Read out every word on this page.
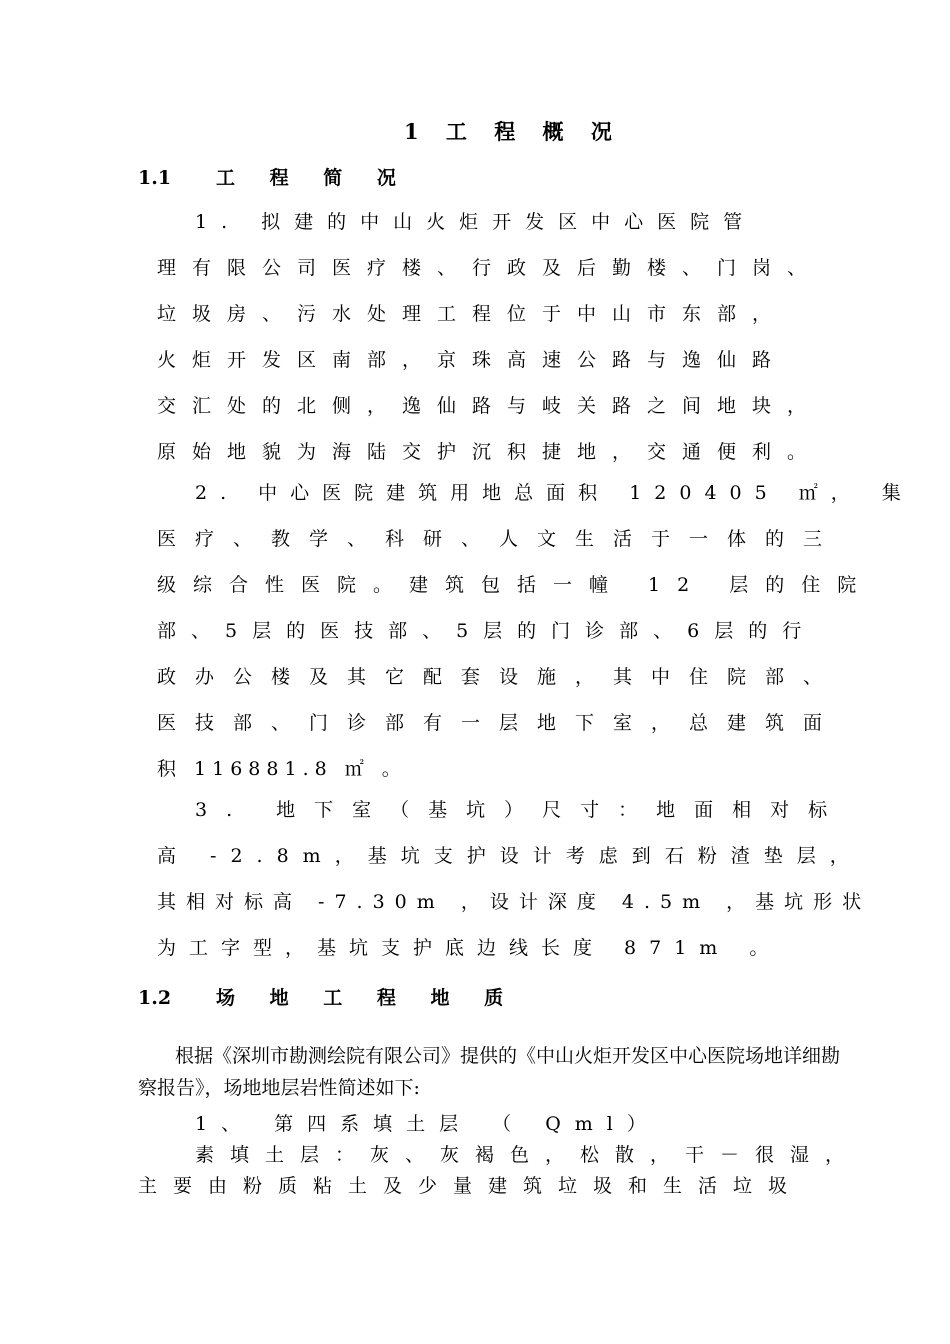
1 工 程 概 况
1.1 工 程 简 况
1. 拟建的中山火炬开发区中心医院管
理有限公司医疗楼、行政及后勤楼、门岗、
垃圾房、污水处理工程位于中山市东部，
火炬开发区南部，京珠高速公路与逸仙路
交汇处的北侧，逸仙路与岐关路之间地块，
原始地貌为海陆交护沉积捷地，交通便利。
2. 中心医院建筑用地总面积 120405 ㎡， 集
医疗、教学、科研、人文生活于一体的三
级综合性医院。建筑包括一幢 12 层的住院
部、5层的医技部、5层的门诊部、6层的行
政办公楼及其它配套设施，其中住院部、
医技部、门诊部有一层地下室，总建筑面
积 116881.8 ㎡ 。
3. 地下室（基坑）尺寸：地面相对标
高 -2.8m，基坑支护设计考虑到石粉渣垫层，
其相对标高 -7.30m ，设计深度 4.5m ，基坑形状
为工字型，基坑支护底边线长度 871m 。
1.2 场 地 工 程 地 质
根据《深圳市勘测绘院有限公司》提供的《中山火炬开发区中心医院场地详细勘
察报告》，场地地层岩性简述如下:
1、 第四系填土层 （ Qml）
素填土层：灰、灰褐色，松散，干－很湿，
主要由粉质粘土及少量建筑垃圾和生活垃圾
